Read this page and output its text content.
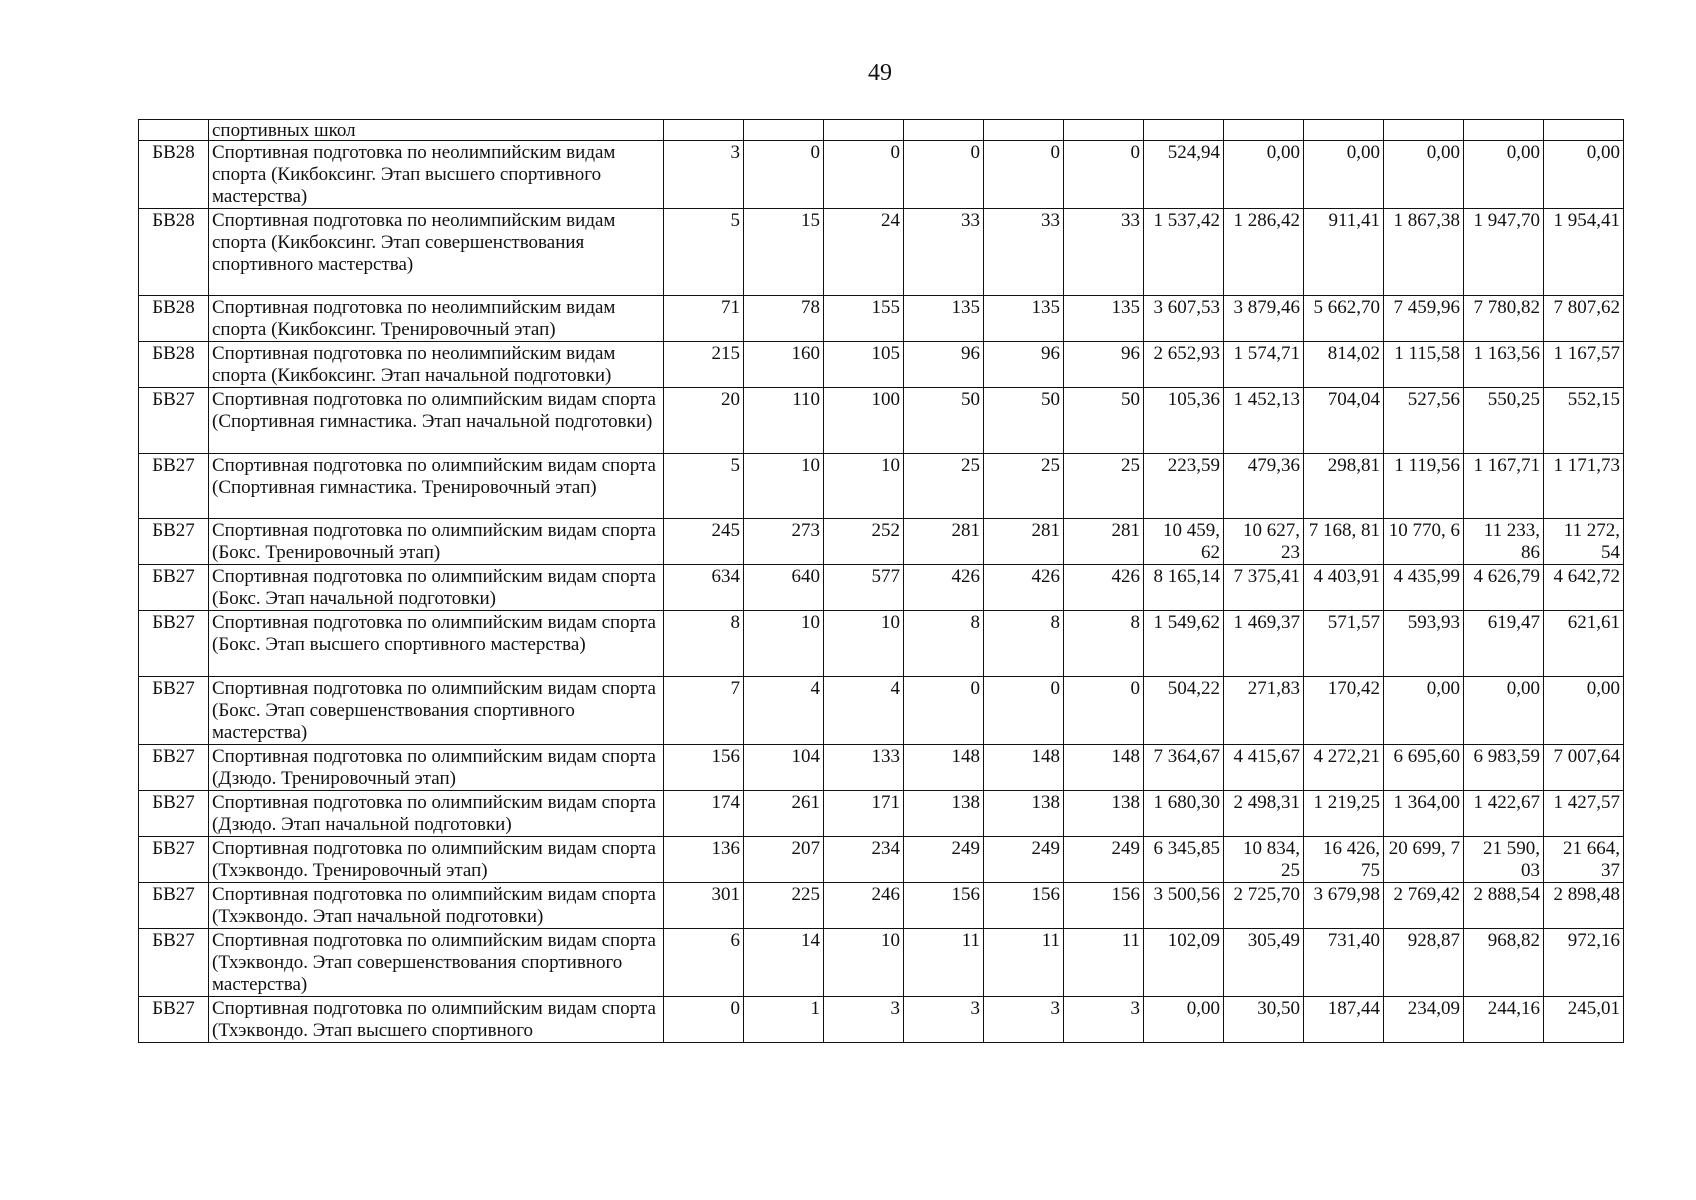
49
	спортивных школ												
БВ28	Спортивная подготовка по неолимпийским видам спорта (Кикбоксинг. Этап высшего спортивного мастерства)	3	0	0	0	0	0	524,94	0,00	0,00	0,00	0,00	0,00
БВ28	Спортивная подготовка по неолимпийским видам спорта (Кикбоксинг. Этап совершенствования спортивного мастерства)	5	15	24	33	33	33	1 537,42	1 286,42	911,41	1 867,38	1 947,70	1 954,41
БВ28	Спортивная подготовка по неолимпийским видам спорта (Кикбоксинг. Тренировочный этап)	71	78	155	135	135	135	3 607,53	3 879,46	5 662,70	7 459,96	7 780,82	7 807,62
БВ28	Спортивная подготовка по неолимпийским видам спорта (Кикбоксинг. Этап начальной подготовки)	215	160	105	96	96	96	2 652,93	1 574,71	814,02	1 115,58	1 163,56	1 167,57
БВ27	Спортивная подготовка по олимпийским видам спорта (Спортивная гимнастика. Этап начальной подготовки)	20	110	100	50	50	50	105,36	1 452,13	704,04	527,56	550,25	552,15
БВ27	Спортивная подготовка по олимпийским видам спорта (Спортивная гимнастика. Тренировочный этап)	5	10	10	25	25	25	223,59	479,36	298,81	1 119,56	1 167,71	1 171,73
БВ27	Спортивная подготовка по олимпийским видам спорта (Бокс. Тренировочный этап)	245	273	252	281	281	281	10 459, 62	10 627, 23	7 168, 81	10 770, 6	11 233, 86	11 272, 54
БВ27	Спортивная подготовка по олимпийским видам спорта (Бокс. Этап начальной подготовки)	634	640	577	426	426	426	8 165,14	7 375,41	4 403,91	4 435,99	4 626,79	4 642,72
БВ27	Спортивная подготовка по олимпийским видам спорта (Бокс. Этап высшего спортивного мастерства)	8	10	10	8	8	8	1 549,62	1 469,37	571,57	593,93	619,47	621,61
БВ27	Спортивная подготовка по олимпийским видам спорта (Бокс. Этап совершенствования спортивного мастерства)	7	4	4	0	0	0	504,22	271,83	170,42	0,00	0,00	0,00
БВ27	Спортивная подготовка по олимпийским видам спорта (Дзюдо. Тренировочный этап)	156	104	133	148	148	148	7 364,67	4 415,67	4 272,21	6 695,60	6 983,59	7 007,64
БВ27	Спортивная подготовка по олимпийским видам спорта (Дзюдо. Этап начальной подготовки)	174	261	171	138	138	138	1 680,30	2 498,31	1 219,25	1 364,00	1 422,67	1 427,57
БВ27	Спортивная подготовка по олимпийским видам спорта (Тхэквондо. Тренировочный этап)	136	207	234	249	249	249	6 345,85	10 834, 25	16 426, 75	20 699, 7	21 590, 03	21 664, 37
БВ27	Спортивная подготовка по олимпийским видам спорта (Тхэквондо. Этап начальной подготовки)	301	225	246	156	156	156	3 500,56	2 725,70	3 679,98	2 769,42	2 888,54	2 898,48
БВ27	Спортивная подготовка по олимпийским видам спорта (Тхэквондо. Этап совершенствования спортивного мастерства)	6	14	10	11	11	11	102,09	305,49	731,40	928,87	968,82	972,16
БВ27	Спортивная подготовка по олимпийским видам спорта (Тхэквондо. Этап высшего спортивного	0	1	3	3	3	3	0,00	30,50	187,44	234,09	244,16	245,01
